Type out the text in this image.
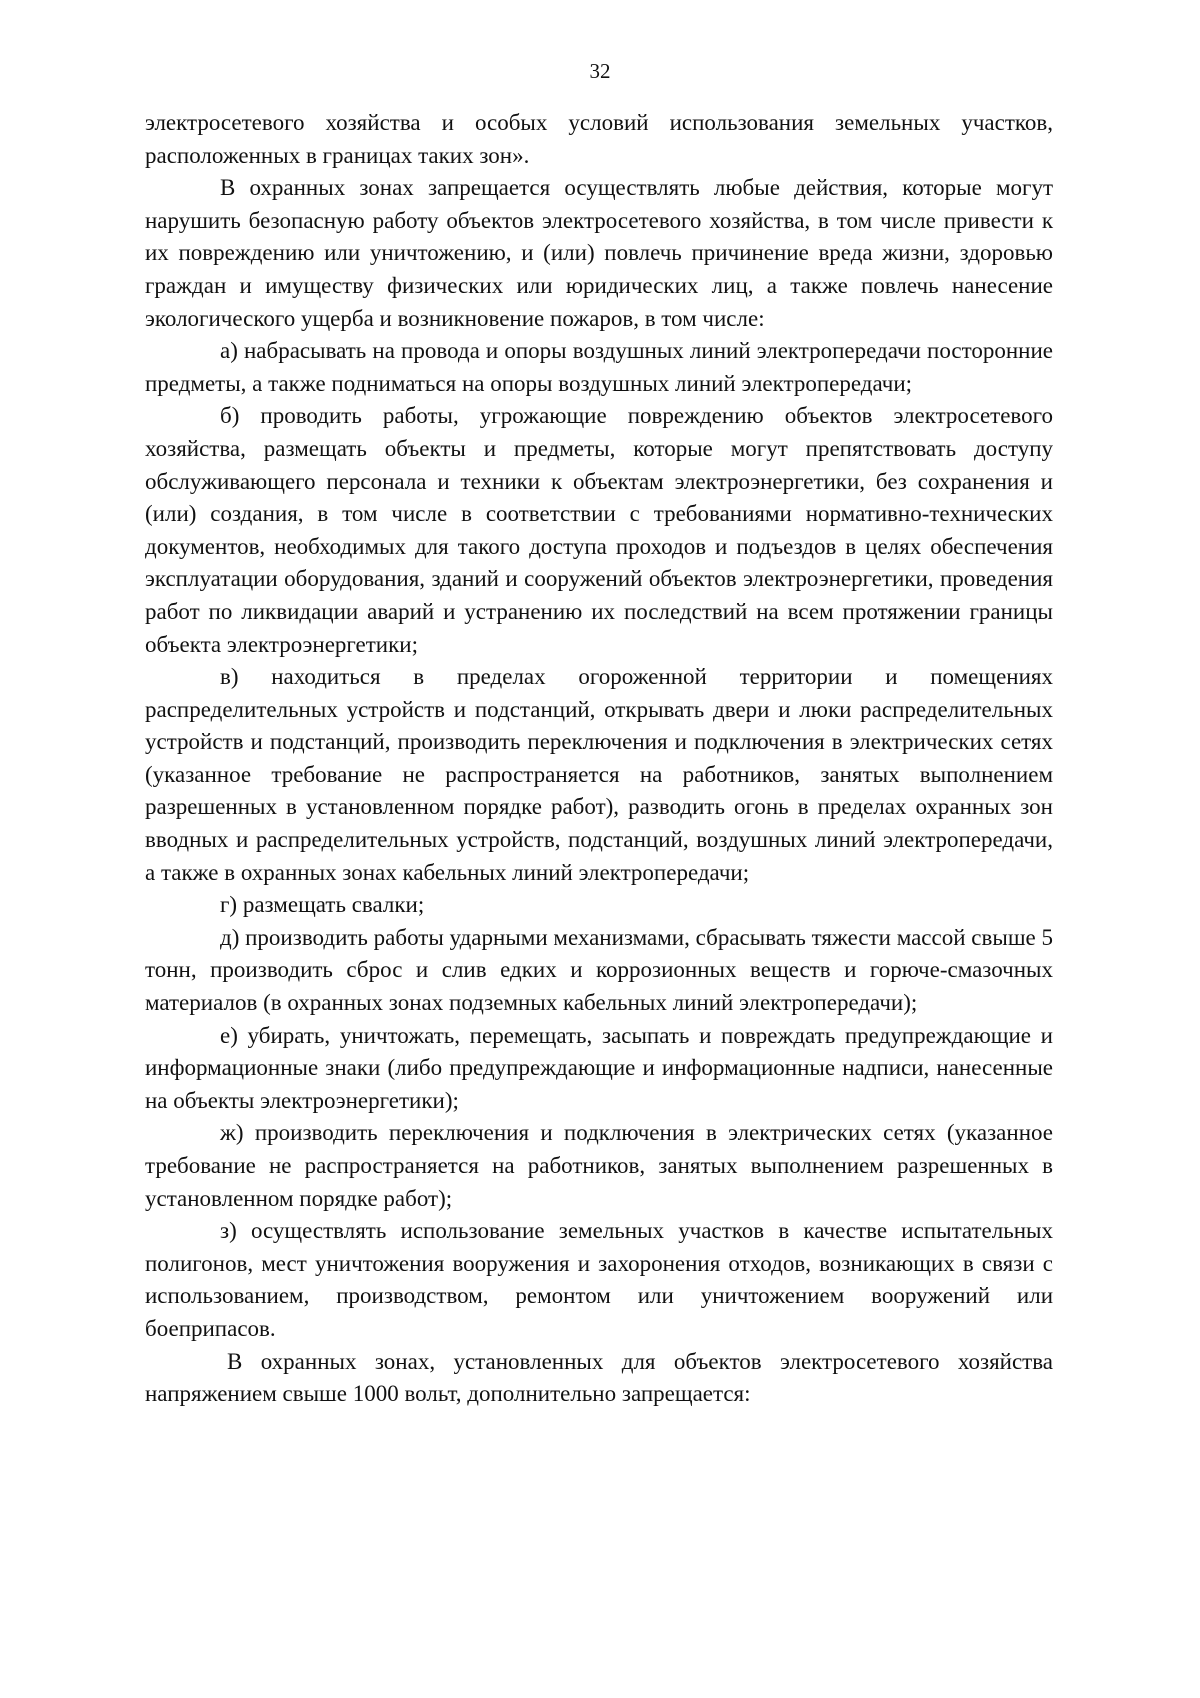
32

электросетевого хозяйства и особых условий использования земельных участков, расположенных в границах таких зон».

В охранных зонах запрещается осуществлять любые действия, которые могут нарушить безопасную работу объектов электросетевого хозяйства, в том числе привести к их повреждению или уничтожению, и (или) повлечь причинение вреда жизни, здоровью граждан и имуществу физических или юридических лиц, а также повлечь нанесение экологического ущерба и возникновение пожаров, в том числе:

а) набрасывать на провода и опоры воздушных линий электропередачи посторонние предметы, а также подниматься на опоры воздушных линий электропередачи;

б) проводить работы, угрожающие повреждению объектов электросетевого хозяйства, размещать объекты и предметы, которые могут препятствовать доступу обслуживающего персонала и техники к объектам электроэнергетики, без сохранения и (или) создания, в том числе в соответствии с требованиями нормативно-технических документов, необходимых для такого доступа проходов и подъездов в целях обеспечения эксплуатации оборудования, зданий и сооружений объектов электроэнергетики, проведения работ по ликвидации аварий и устранению их последствий на всем протяжении границы объекта электроэнергетики;

в) находиться в пределах огороженной территории и помещениях распределительных устройств и подстанций, открывать двери и люки распределительных устройств и подстанций, производить переключения и подключения в электрических сетях (указанное требование не распространяется на работников, занятых выполнением разрешенных в установленном порядке работ), разводить огонь в пределах охранных зон вводных и распределительных устройств, подстанций, воздушных линий электропередачи, а также в охранных зонах кабельных линий электропередачи;

г) размещать свалки;

д) производить работы ударными механизмами, сбрасывать тяжести массой свыше 5 тонн, производить сброс и слив едких и коррозионных веществ и горюче-смазочных материалов (в охранных зонах подземных кабельных линий электропередачи);

е) убирать, уничтожать, перемещать, засыпать и повреждать предупреждающие и информационные знаки (либо предупреждающие и информационные надписи, нанесенные на объекты электроэнергетики);

ж) производить переключения и подключения в электрических сетях (указанное требование не распространяется на работников, занятых выполнением разрешенных в установленном порядке работ);

з) осуществлять использование земельных участков в качестве испытательных полигонов, мест уничтожения вооружения и захоронения отходов, возникающих в связи с использованием, производством, ремонтом или уничтожением вооружений или боеприпасов.

В охранных зонах, установленных для объектов электросетевого хозяйства напряжением свыше 1000 вольт, дополнительно запрещается:
